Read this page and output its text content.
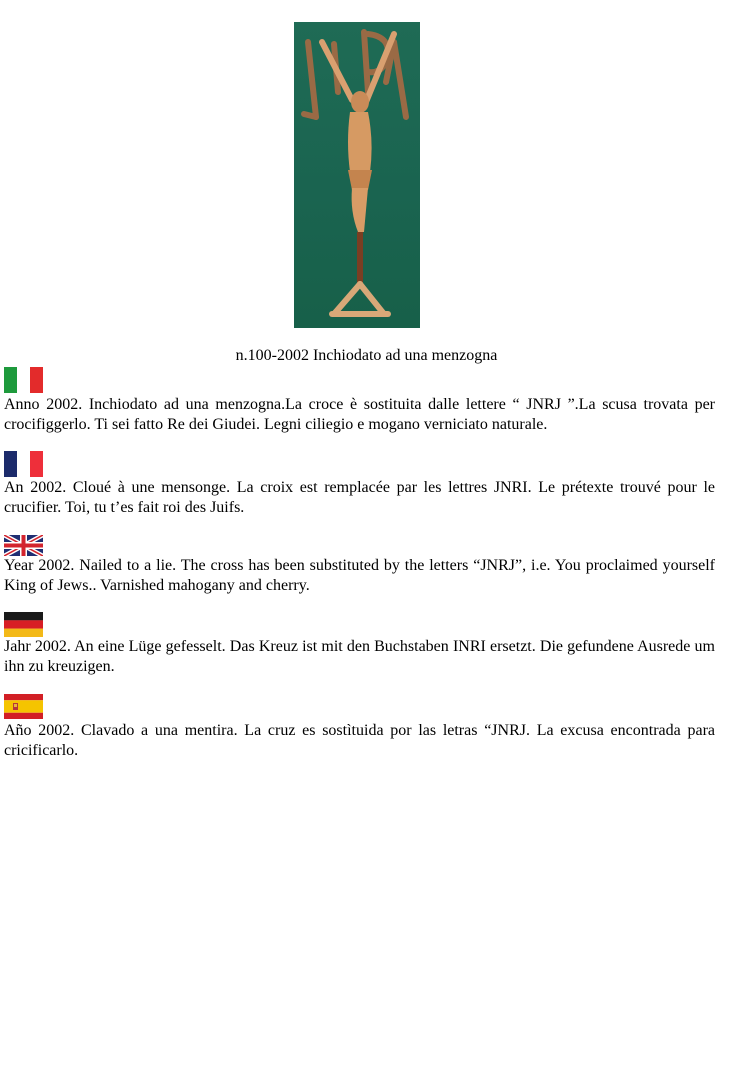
n.100-2002 Inchiodato ad una menzogna
Anno 2002. Inchiodato ad una menzogna.La croce è sostituita dalle lettere “ JNRJ ”.La scusa trovata per crocifiggerlo. Ti sei fatto Re dei Giudei. Legni ciliegio e mogano verniciato naturale.
An 2002. Cloué à une mensonge. La croix est remplacée par les lettres JNRI. Le prétexte trouvé pour le crucifier. Toi, tu t’es fait roi des Juifs.
Year 2002. Nailed to a lie. The cross has been substituted by the letters “JNRJ”, i.e. You proclaimed yourself King of Jews.. Varnished mahogany and cherry.
Jahr 2002. An eine Lüge gefesselt. Das Kreuz ist mit den Buchstaben INRI ersetzt. Die gefundene Ausrede um ihn zu kreuzigen.
Año 2002. Clavado a una mentira. La cruz es sostìtuida por las letras “JNRJ. La excusa encontrada para cricificarlo.
